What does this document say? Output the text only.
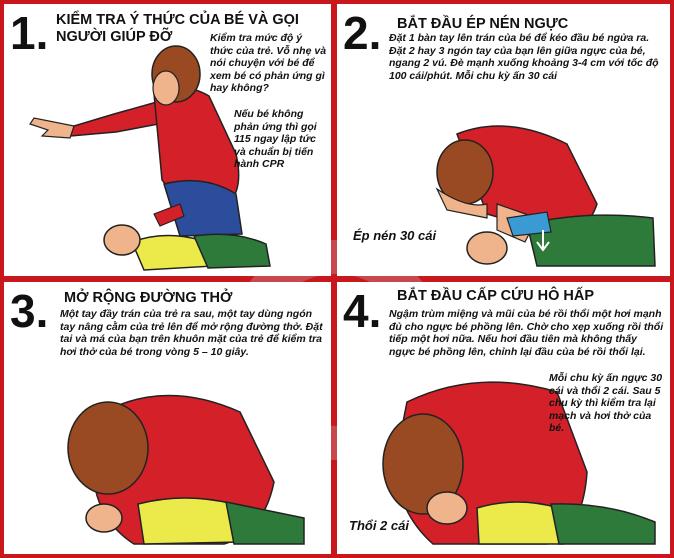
1. KIỂM TRA Ý THỨC CỦA BÉ VÀ GỌI NGƯỜI GIÚP ĐỠ	Kiểm tra mức độ ý thức của trẻ. Vỗ nhẹ và nói chuyện với bé để xem bé có phản ứng gì hay không?
Nếu bé không phản ứng thì gọi 115 ngay lập tức và chuẩn bị tiến hành CPR
2. BẮT ĐẦU ÉP NÉN NGỰC
Đặt 1 bàn tay lên trán của bé để kéo đầu bé ngửa ra. Đặt 2 hay 3 ngón tay của bạn lên giữa ngực của bé, ngang 2 vú. Đè mạnh xuống khoảng 3-4 cm với tốc độ 100 cái/phút. Mỗi chu kỳ ấn 30 cái
Ép nén 30 cái
3. MỞ RỘNG ĐƯỜNG THỞ
Một tay đầy trán của trẻ ra sau, một tay dùng ngón tay nâng cằm của trẻ lên để mở rộng đường thở. Đặt tai và má của bạn trên khuôn mặt của trẻ để kiểm tra hơi thở của bé trong vòng 5 – 10 giây.
4. BẮT ĐẦU CẤP CỨU HÔ HẤP
Ngậm trùm miệng và mũi của bé rồi thổi một hơi mạnh đủ cho ngực bé phồng lên. Chờ cho xẹp xuống rồi thổi tiếp một hơi nữa. Nếu hơi đầu tiên mà không thấy ngực bé phồng lên, chỉnh lại đầu của bé rồi thổi lại.
Mỗi chu kỳ ấn ngực 30 cái và thổi 2 cái. Sau 5 chu kỳ thì kiểm tra lại mạch và hơi thở của bé.
Thổi 2 cái
